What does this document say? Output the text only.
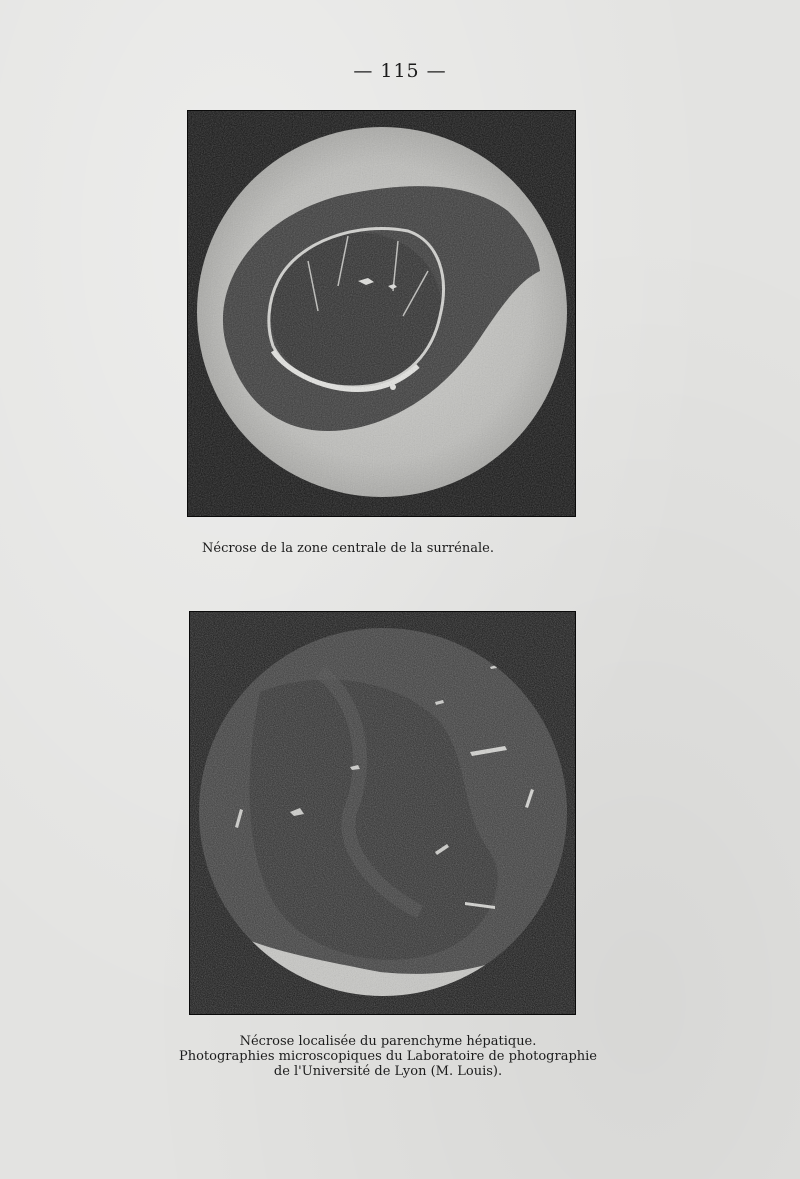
— 115 —
Nécrose de la zone centrale de la surrénale.
Nécrose localisée du parenchyme hépatique.
Photographies microscopiques du Laboratoire de photographie
de l'Université de Lyon (M. Louis).
